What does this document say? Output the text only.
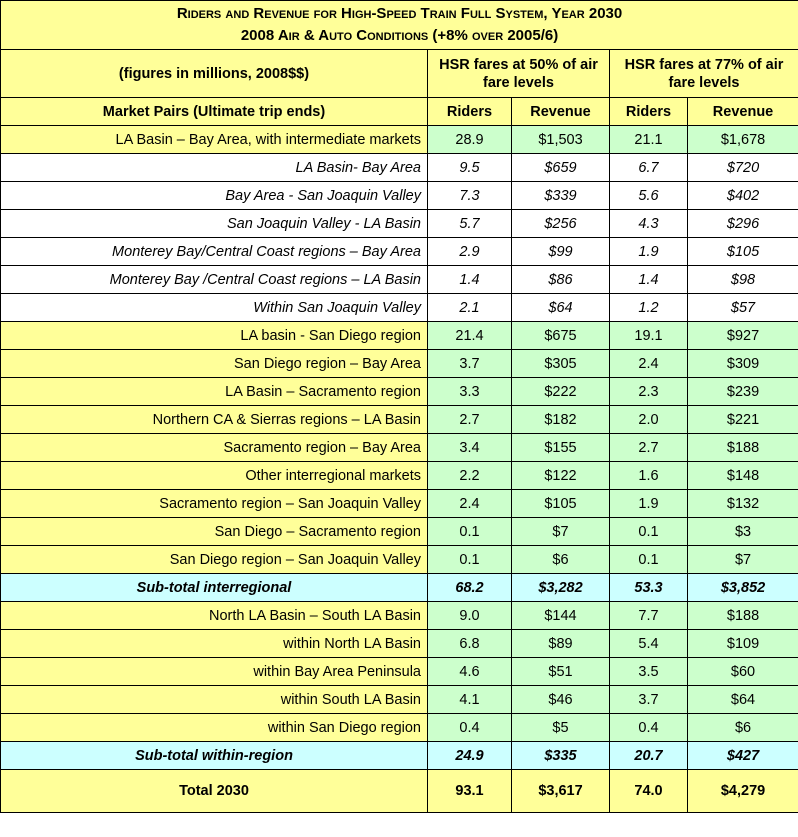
Riders and Revenue for High-Speed Train Full System, Year 2030
2008 Air & Auto Conditions (+8% over 2005/6)				

(figures in millions, 2008$$)	HSR fares at 50% of air fare levels		HSR fares at 77% of air fare levels	
Market Pairs (Ultimate trip ends)	Riders	Revenue	Riders	Revenue
LA Basin – Bay Area, with intermediate markets	28.9	$1,503	21.1	$1,678
LA Basin- Bay Area	9.5	$659	6.7	$720
Bay Area - San Joaquin Valley	7.3	$339	5.6	$402
San Joaquin Valley - LA Basin	5.7	$256	4.3	$296
Monterey Bay/Central Coast regions – Bay Area	2.9	$99	1.9	$105
Monterey Bay /Central Coast regions – LA Basin	1.4	$86	1.4	$98
Within San Joaquin Valley	2.1	$64	1.2	$57
LA basin - San Diego region	21.4	$675	19.1	$927
San Diego region – Bay Area	3.7	$305	2.4	$309
LA Basin – Sacramento region	3.3	$222	2.3	$239
Northern CA & Sierras regions – LA Basin	2.7	$182	2.0	$221
Sacramento region – Bay Area	3.4	$155	2.7	$188
Other interregional markets	2.2	$122	1.6	$148
Sacramento region – San Joaquin Valley	2.4	$105	1.9	$132
San Diego – Sacramento region	0.1	$7	0.1	$3
San Diego region – San Joaquin Valley	0.1	$6	0.1	$7
Sub-total interregional	68.2	$3,282	53.3	$3,852
North LA Basin – South LA Basin	9.0	$144	7.7	$188
within North LA Basin	6.8	$89	5.4	$109
within Bay Area Peninsula	4.6	$51	3.5	$60
within South LA Basin	4.1	$46	3.7	$64
within San Diego region	0.4	$5	0.4	$6
Sub-total within-region	24.9	$335	20.7	$427
Total 2030	93.1	$3,617	74.0	$4,279
